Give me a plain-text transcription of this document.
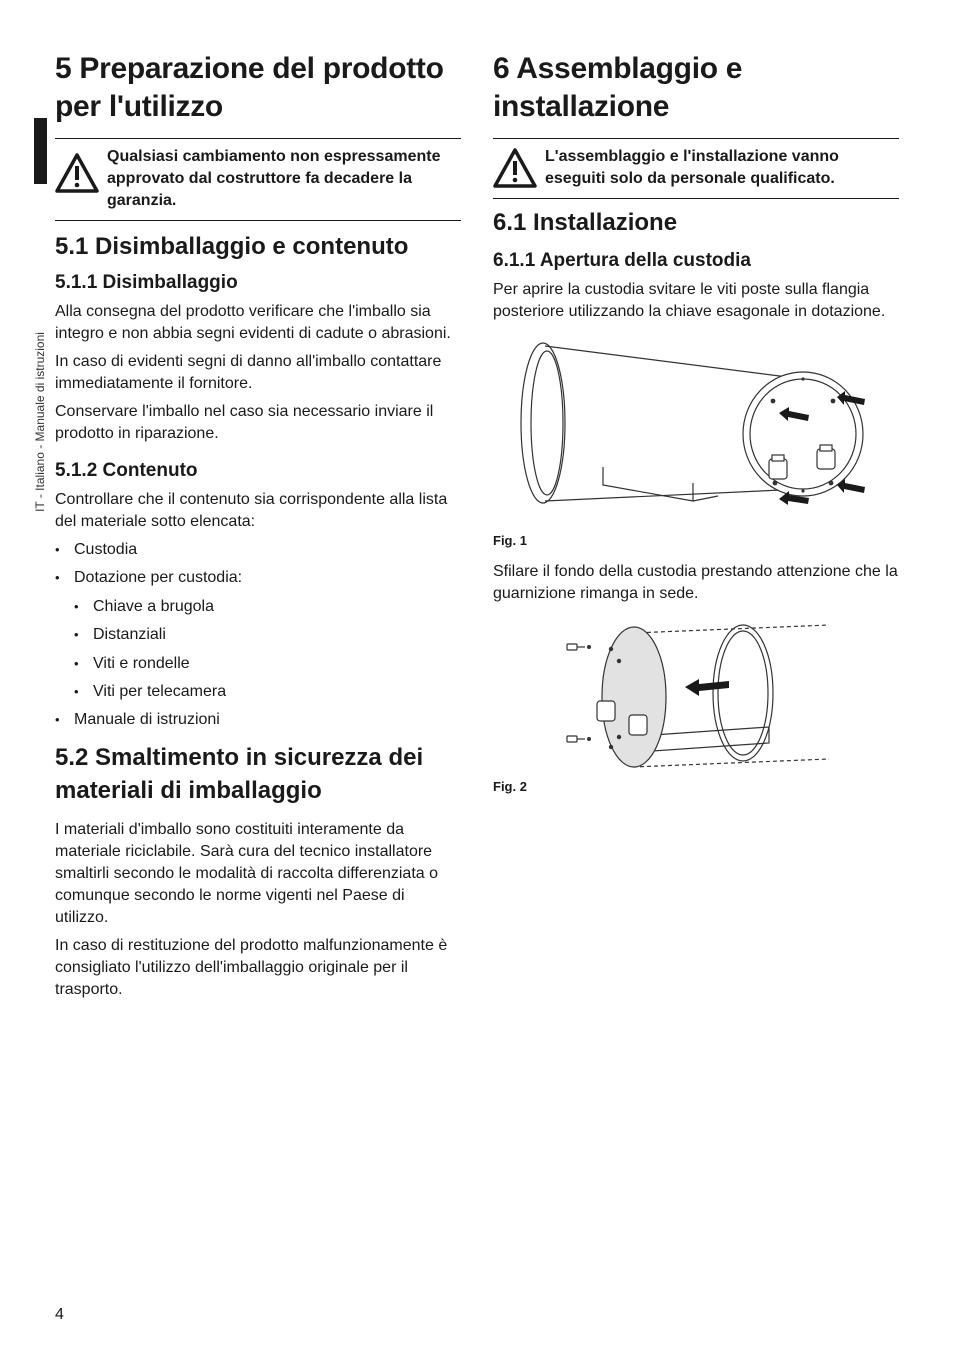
IT - Italiano - Manuale di istruzioni
5 Preparazione del prodotto per l'utilizzo
Qualsiasi cambiamento non espressamente approvato dal costruttore fa decadere la garanzia.
5.1 Disimballaggio e contenuto
5.1.1 Disimballaggio

Alla consegna del prodotto verificare che l'imballo sia integro e non abbia segni evidenti di cadute o abrasioni.

In caso di evidenti segni di danno all'imballo contattare immediatamente il fornitore.

Conservare l'imballo nel caso sia necessario inviare il prodotto in riparazione.

5.1.2 Contenuto

Controllare che il contenuto sia corrispondente alla lista del materiale sotto elencata:

• Custodia
• Dotazione per custodia:
• Chiave a brugola
• Distanziali
• Viti e rondelle
• Viti per telecamera
• Manuale di istruzioni
5.2 Smaltimento in sicurezza dei materiali di imballaggio

I materiali d'imballo sono costituiti interamente da materiale riciclabile. Sarà cura del tecnico installatore smaltirli secondo le modalità di raccolta differenziata o comunque secondo le norme vigenti nel Paese di utilizzo.

In caso di restituzione del prodotto malfunzionamente è consigliato l'utilizzo dell'imballaggio originale per il trasporto.

6 Assemblaggio e installazione
L'assemblaggio e l'installazione vanno eseguiti solo da personale qualificato.
6.1 Installazione
6.1.1 Apertura della custodia

Per aprire la custodia svitare le viti poste sulla flangia posteriore utilizzando la chiave esagonale in dotazione.

Fig. 1

Sfilare il fondo della custodia prestando attenzione che la guarnizione rimanga in sede.

Fig. 2
4
